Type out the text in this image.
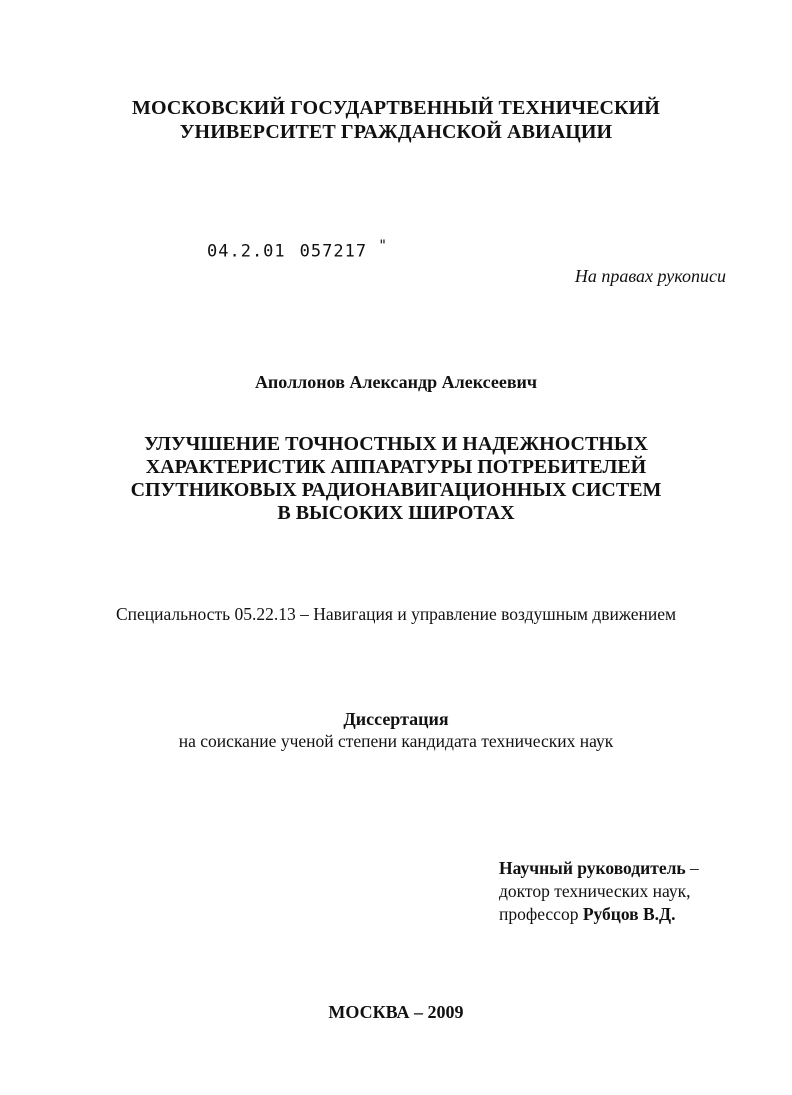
МОСКОВСКИЙ ГОСУДАРТВЕННЫЙ ТЕХНИЧЕСКИЙ
УНИВЕРСИТЕТ ГРАЖДАНСКОЙ АВИАЦИИ
04.2.01 057217 "
На правах рукописи
Аполлонов Александр Алексеевич
УЛУЧШЕНИЕ ТОЧНОСТНЫХ И НАДЕЖНОСТНЫХ
ХАРАКТЕРИСТИК АППАРАТУРЫ ПОТРЕБИТЕЛЕЙ
СПУТНИКОВЫХ РАДИОНАВИГАЦИОННЫХ СИСТЕМ
В ВЫСОКИХ ШИРОТАХ
Специальность 05.22.13 – Навигация и управление воздушным движением
Диссертация
на соискание ученой степени кандидата технических наук
Научный руководитель –
доктор технических наук,
профессор Рубцов В.Д.
МОСКВА – 2009
